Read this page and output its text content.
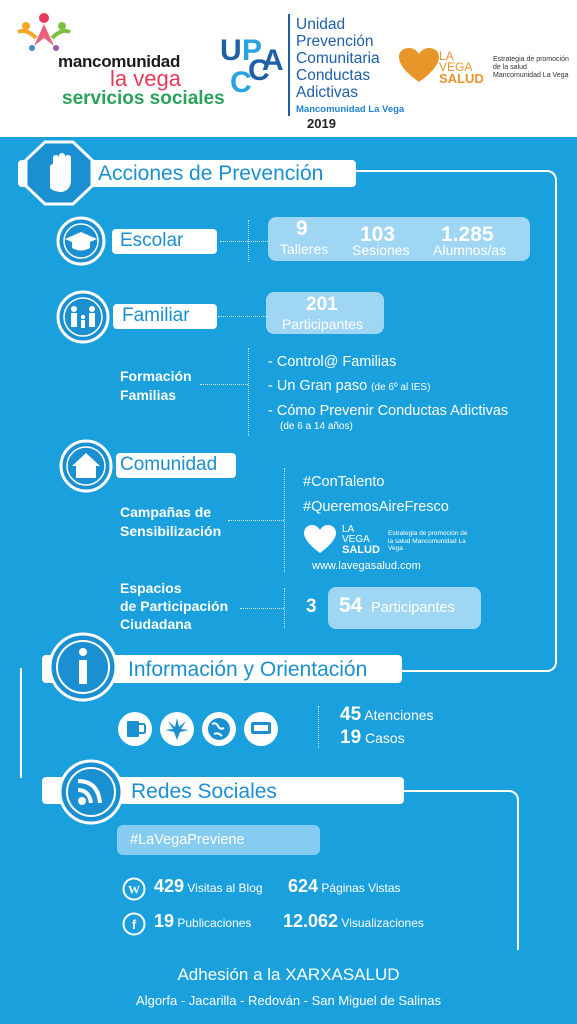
mancomunidad
la vega
servicios sociales
U P
C
C
A
Unidad
Prevención
Comunitaria
Conductas
Adictivas
Mancomunidad La Vega
2019
LA
VEGA
SALUD
Estrategia de promoción de la salud Mancomunidad La Vega
Acciones de Prevención
Escolar
9
Talleres
103
Sesiones
1.285
Alumnos/as
Familiar
201
Participantes
Formación
Familias
- Control@ Familias
- Un Gran paso (de 6º al IES)
- Cómo Prevenir Conductas Adictivas
(de 6 a 14 años)
Comunidad
Campañas de
Sensibilización
#ConTalento
#QueremosAireFresco
LA
VEGA
SALUD
Estrategia de promoción de la salud Mancomunidad La Vega
www.lavegasalud.com
Espacios
de Participación
Ciudadana
3 54 Participantes
Información y Orientación
45 Atenciones
19 Casos
Redes Sociales
#LaVegaPreviene
W 429 Visitas al Blog 624 Páginas Vistas
f 19 Publicaciones 12.062 Visualizaciones
Adhesión a la XARXASALUD
Algorfa - Jacarilla - Redován - San Miguel de Salinas
